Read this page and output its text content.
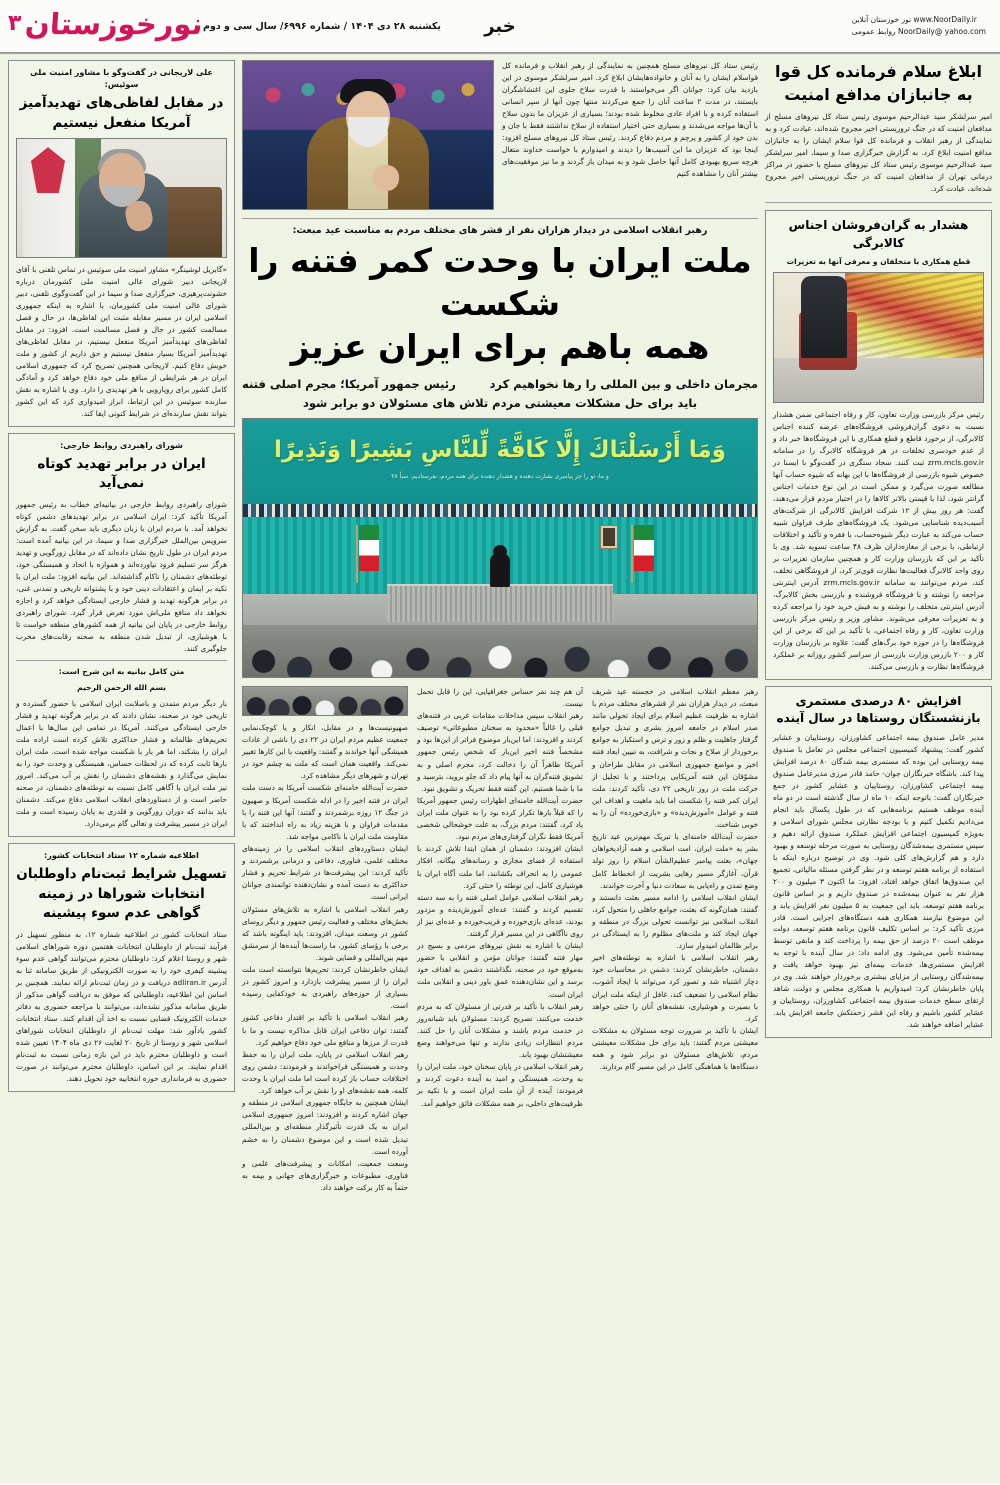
یکشنبه ۲۸ دی ۱۴۰۴ / شماره ۶۹۹۶/ سال سی و دوم
نورخوزستان
۳	خبر	نور خوزستان آنلاین www.NoorDaily.ir
روابط عمومی NoorDaily@ yahoo.com
علی لاریجانی در گفت‌وگو با مشاور امنیت ملی سوئیس:
در مقابل لفاظی‌های تهدیدآمیز آمریکا منفعل نیستیم
«گابریل لوشینگر» مشاور امنیت ملی سوئیس در تماس تلفنی با آقای لاریجانی دبیر شورای عالی امنیت ملی کشورمان درباره خشونت‌پرهیزی، خبرگزاری صدا و سیما در این گفت‌وگوی تلفنی، دبیر شورای عالی امنیت ملی کشورمان، با اشاره به اینکه جمهوری اسلامی ایران در مسیر مقابله مثبت این لفاظی‌ها، در حال و فصل مسالمت کشور در حال و فصل مسالمت است. افزود: در مقابل لفاظی‌های تهدیدآمیز آمریکا منفعل نیستیم، در مقابل لفاظی‌های تهدیدآمیز آمریکا بسیار منفعل نیستیم و حق داریم از کشور و ملت خویش دفاع کنیم. لاریجانی همچنین تصریح کرد که جمهوری اسلامی ایران در هر شرایطی از منافع ملی خود دفاع خواهد کرد و آمادگی کامل کشور برای رویارویی با هر تهدیدی را دارد. وی با اشاره به نقش سازنده سوئیس در این ارتباط، ابراز امیدواری کرد که این کشور بتواند نقش سازنده‌ای در شرایط کنونی ایفا کند.
شورای راهبردی روابط خارجی:
ایران در برابر تهدید کوتاه نمی‌آید
شورای راهبردی روابط خارجی در بیانیه‌ای خطاب به رئیس جمهور آمریکا تأکید کرد: ایران اسلامی در برابر تهدیدهای دشمن کوتاه نخواهد آمد. با مردم ایران با زبان دیگری باید سخن گفت. به گزارش سرویس بین‌الملل خبرگزاری صدا و سیما، در این بیانیه آمده است: مردم ایران در طول تاریخ نشان داده‌اند که در مقابل زورگویی و تهدید هرگز سر تسلیم فرود نیاورده‌اند و همواره با اتحاد و همبستگی خود، توطئه‌های دشمنان را ناکام گذاشته‌اند. این بیانیه افزود: ملت ایران با تکیه بر ایمان و اعتقادات دینی خود و با پشتوانه تاریخی و تمدنی غنی، در برابر هرگونه تهدید و فشار خارجی ایستادگی خواهد کرد و اجازه نخواهد داد منافع ملی‌اش مورد تعرض قرار گیرد. شورای راهبردی روابط خارجی در پایان این بیانیه از همه کشورهای منطقه خواست تا با هوشیاری، از تبدیل شدن منطقه به صحنه رقابت‌های مخرب جلوگیری کنند.
متن کامل بیانیه به این شرح است:
بسم الله الرحمن الرحیم
بار دیگر مردم متمدن و باصلابت ایران اسلامی با حضور گسترده و تاریخی خود در صحنه، نشان دادند که در برابر هرگونه تهدید و فشار خارجی ایستادگی می‌کنند. آمریکا در تمامی این سال‌ها با اعمال تحریم‌های ظالمانه و فشار حداکثری تلاش کرده است اراده ملت ایران را بشکند، اما هر بار با شکست مواجه شده است. ملت ایران بارها ثابت کرده که در لحظات حساس، همبستگی و وحدت خود را به نمایش می‌گذارد و نقشه‌های دشمنان را نقش بر آب می‌کند. امروز نیز ملت ایران با آگاهی کامل نسبت به توطئه‌های دشمنان، در صحنه حاضر است و از دستاوردهای انقلاب اسلامی دفاع می‌کند. دشمنان باید بدانند که دوران زورگویی و قلدری به پایان رسیده است و ملت ایران در مسیر پیشرفت و تعالی گام برمی‌دارد.
اطلاعیه شماره ۱۲ ستاد انتخابات کشور:
تسهیل شرایط ثبت‌نام داوطلبان انتخابات شوراها در زمینه گواهی عدم سوء پیشینه
ستاد انتخابات کشور در اطلاعیه شماره ۱۲، به منظور تسهیل در فرآیند ثبت‌نام از داوطلبان انتخابات هفتمین دوره شوراهای اسلامی شهر و روستا اعلام کرد: داوطلبان محترم می‌توانند گواهی عدم سوء پیشینه کیفری خود را به صورت الکترونیکی از طریق سامانه ثنا به آدرس adliran.ir دریافت و در زمان ثبت‌نام ارائه نمایند. همچنین بر اساس این اطلاعیه، داوطلبانی که موفق به دریافت گواهی مذکور از طریق سامانه مذکور نشده‌اند، می‌توانند با مراجعه حضوری به دفاتر خدمات الکترونیک قضایی نسبت به اخذ آن اقدام کنند. ستاد انتخابات کشور یادآور شد: مهلت ثبت‌نام از داوطلبان انتخابات شوراهای اسلامی شهر و روستا از تاریخ ۲۰ لغایت ۲۶ دی ماه ۱۴۰۴ تعیین شده است و داوطلبان محترم باید در این بازه زمانی نسبت به ثبت‌نام اقدام نمایند. بر این اساس، داوطلبان محترم می‌توانند در صورت حضوری به فرمانداری حوزه انتخابیه خود تحویل دهند.
رئیس ستاد کل نیروهای مسلح همچنین به نمایندگی از رهبر انقلاب و فرمانده کل قواسلام ایشان را به آنان و خانواده‌هایشان ابلاغ کرد. امیر سرلشکر موسوی در این بازدید بیان کرد: جوانان اگر می‌خواستند با قدرت سلاح جلوی این اغتشاشگران بایستند، در مدت ۲ ساعت آنان را جمع می‌کردند منتها چون آنها از سپر انسانی استفاده کرده و با افراد عادی مخلوط شده بودند؛ بسیاری از عزیزان ما بدون سلاح با آن‌ها مواجه می‌شدند و بسیاری حتی اختیار استفاده از سلاح نداشتند فقط با جان و بدن خود از کشور و پرچم و مردم دفاع کردند. رئیس ستاد کل نیروهای مسلح افزود: اینجا بود که عزیزان ما این آسیب‌ها را دیدند و امیدوارم با خواست خداوند متعال هرچه سریع بهبودی کامل آنها حاصل شود و به میدان باز گردند و ما نیز موفقیت‌های بیشتر آنان را مشاهده کنیم
رهبر انقلاب اسلامی در دیدار هزاران نفر از قشر های مختلف مردم به مناسبت عید مبعث:
ملت ایران با وحدت کمر فتنه را شکست
همه باهم برای ایران عزیز
مجرمان داخلی و بین المللی را رها نخواهیم کرد
رئیس جمهور آمریکا؛ مجرم اصلی فتنه
باید برای حل مشکلات معیشتی مردم تلاش های مسئولان دو برابر شود
وَمَا أَرْسَلْنَاكَ إِلَّا كَافَّةً لِّلنَّاسِ بَشِيرًا وَنَذِيرًا
و ما، تو را جز پیامبری بشارت دهنده و هشدار دهنده برای همه مردم، نفرستادیم. سبأ ۲۸
صهیونیست‌ها و در مقابل، انکار و یا کوچک‌نمایی جمعیت عظیم مردم ایران در ۲۲ دی را ناشی از عادات همیشگی آنها خواندند و گفتند: واقعیت با این کارها تغییر نمی‌کند. واقعیت همان است که ملت به چشم خود در تهران و شهرهای دیگر مشاهده کرد.
حضرت آیت‌الله خامنه‌ای شکست آمریکا به دست ملت ایران در فتنه اخیر را در ادله شکست آمریکا و صهیون در جنگ ۱۲ روزه برشمردند و گفتند: آنها این فتنه را با مقدمات فراوان و با هزینه زیاد به راه انداختند که با مقاومت ملت ایران با ناکامی مواجه شد.
ایشان دستاوردهای انقلاب اسلامی را در زمینه‌های مختلف علمی، فناوری، دفاعی و درمانی برشمردند و تأکید کردند: این پیشرفت‌ها در شرایط تحریم و فشار حداکثری به دست آمده و نشان‌دهنده توانمندی جوانان ایرانی است.
رهبر انقلاب اسلامی با اشاره به تلاش‌های مسئولان بخش‌های مختلف و فعالیت رئیس جمهور و دیگر روسای کشور در وسعت میدان، افزودند: باید اینگونه باشد که برخی با رؤسای کشور، ما راست‌ها آینده‌ها از سرمشق مهم بین‌المللی و قضایی شوند.
ایشان خاطرنشان کردند: تحریم‌ها نتوانسته است ملت ایران را از مسیر پیشرفت بازدارد و امروز کشور در بسیاری از حوزه‌های راهبردی به خودکفایی رسیده است.
رهبر انقلاب اسلامی با تأکید بر اقتدار دفاعی کشور گفتند: توان دفاعی ایران قابل مذاکره نیست و ما با قدرت از مرزها و منافع ملی خود دفاع خواهیم کرد.
رهبر انقلاب اسلامی در پایان، ملت ایران را به حفظ وحدت و همبستگی فراخواندند و فرمودند: دشمن روی اختلافات حساب باز کرده است اما ملت ایران با وحدت کلمه، همه نقشه‌های او را نقش بر آب خواهد کرد.
ایشان همچنین به جایگاه جمهوری اسلامی در منطقه و جهان اشاره کردند و افزودند: امروز جمهوری اسلامی ایران به یک قدرت تأثیرگذار منطقه‌ای و بین‌المللی تبدیل شده است و این موضوع دشمنان را به خشم آورده است.
وسعت جمعیت، امکانات و پیشرفت‌های علمی و فناوری، مطبوعات و خبرگزاری‌های جهانی و بیمه به حتماً به کار برکت خواهند داد.
آن هم چند نفر حساس جغرافیایی، این را قابل تحمل نیست.
رهبر انقلاب سپس مداخلات مقامات غربی در فتنه‌های قبلی را غالباً «محدود به سخنان مطبوعاتی» توصیف کردند و افزودند: اما این‌بار موضوع فراتر از این‌ها بود و مشخصاً فتنه اخیر این‌بار که شخص رئیس جمهور آمریکا ظاهراً آن را دخالت کرد، مجرم اصلی و به تشویق فتنه‌گران به آنها پیام داد که جلو بروید، بترسید و ما با شما هستیم. این گفته فقط تحریک و تشویق نبود.
حضرت آیت‌الله خامنه‌ای اظهارات رئیس جمهور آمریکا را که قبلاً بارها تکرار کرده بود را به عنوان ملت ایران یاد کرد، گفتند: مردم بزرگ، به علت خوشحالی شخصی آمریکا فقط نگران گرفتاری‌های مردم نبود.
ایشان افزودند: دشمنان از همان ابتدا تلاش کردند با استفاده از فضای مجازی و رسانه‌های بیگانه، افکار عمومی را به انحراف بکشانند، اما ملت آگاه ایران با هوشیاری کامل، این توطئه را خنثی کرد.
رهبر انقلاب اسلامی عوامل اصلی فتنه را به سه دسته تقسیم کردند و گفتند: عده‌ای آموزش‌دیده و مزدور بودند، عده‌ای بازی‌خورده و فریب‌خورده و عده‌ای نیز از روی ناآگاهی در این مسیر قرار گرفتند.
ایشان با اشاره به نقش نیروهای مردمی و بسیج در مهار فتنه گفتند: جوانان مؤمن و انقلابی با حضور به‌موقع خود در صحنه، نگذاشتند دشمن به اهداف خود برسد و این نشان‌دهنده عمق باور دینی و انقلابی ملت ایران است.
رهبر انقلاب با تأکید بر قدرتی از مسئولان که به مردم خدمت می‌کنند، تصریح کردند: مسئولان باید شبانه‌روز در خدمت مردم باشند و مشکلات آنان را حل کنند. مردم انتظارات زیادی ندارند و تنها می‌خواهند وضع معیشتشان بهبود یابد.
رهبر انقلاب اسلامی در پایان سخنان خود، ملت ایران را به وحدت، همبستگی و امید به آینده دعوت کردند و فرمودند: آینده از آنِ ملت ایران است و با تکیه بر ظرفیت‌های داخلی، بر همه مشکلات فائق خواهیم آمد.
رهبر معظم انقلاب اسلامی در خجسته عید شریف مبعث، در دیدار هزاران نفر از قشرهای مختلف مردم با اشاره به ظرفیت عظیم اسلام برای ایجاد تحولی مانند صدر اسلام در جامعه امروز بشری و تبدیل جوامع گرفتار جاهلیت و ظلم و زور و ترس و استکبار به جوامع برخوردار از صلاح و نجات و شرافت، به تبیین ابعاد فتنه اخیر و مواضع جمهوری اسلامی در مقابل طراحان و مشوّقان این فتنه آمریکایی پرداختند و با تجلیل از حرکت ملت در روز تاریخی ۲۲ دی، تأکید کردند: ملت ایران کمر فتنه را شکست اما باید ماهیت و اهداف این فتنه و عوامل «آموزش‌دیده» و «بازی‌خورده» آن را به خوبی شناخت.
حضرت آیت‌الله خامنه‌ای با تبریک مهم‌ترین عید تاریخ بشر به «ملت ایران، امت اسلامی و همه آزادیخواهان جهان»، بعثت پیامبر عظیم‌الشأن اسلام را روز تولد قرآن، آغازگر مسیر رهایی بشریت از انحطاط کامل وضع تمدن و راه‌یابی به سعادت دنیا و آخرت خواندند.
ایشان انقلاب اسلامی را ادامه مسیر بعثت دانستند و گفتند: همان‌گونه که بعثت، جوامع جاهلی را متحول کرد، انقلاب اسلامی نیز توانست تحولی بزرگ در منطقه و جهان ایجاد کند و ملت‌های مظلوم را به ایستادگی در برابر ظالمان امیدوار سازد.
رهبر انقلاب اسلامی با اشاره به توطئه‌های اخیر دشمنان، خاطرنشان کردند: دشمن در محاسبات خود دچار اشتباه شد و تصور کرد می‌تواند با ایجاد آشوب، نظام اسلامی را تضعیف کند، غافل از اینکه ملت ایران با بصیرت و هوشیاری، نقشه‌های آنان را خنثی خواهد کرد.
ایشان با تأکید بر ضرورت توجه مسئولان به مشکلات معیشتی مردم گفتند: باید برای حل مشکلات معیشتی مردم، تلاش‌های مسئولان دو برابر شود و همه دستگاه‌ها با هماهنگی کامل در این مسیر گام بردارند.
ابلاغ سلام فرمانده کل قوا به جانبازان مدافع امنیت
امیر سرلشکر سید عبدالرحیم موسوی رئیس ستاد کل نیروهای مسلح از مدافعان امنیت که در جنگ تروریستی اخیر مجروح شده‌اند، عیادت کرد و به نمایندگی از رهبر انقلاب و فرمانده کل قوا سلام ایشان را به جانبازان مدافع امنیت ابلاغ کرد. به گزارش خبرگزاری صدا و سیما، امیر سرلشکر سید عبدالرحیم موسوی رئیس ستاد کل نیروهای مسلح با حضور در مراکز درمانی تهران از مدافعان امنیت که در جنگ تروریستی اخیر مجروح شده‌اند، عیادت کرد.
هشدار به گران‌فروشان اجناس کالابرگی
قطع همکاری با متخلفان و معرفی آنها به تعزیرات
رئیس مرکز بازرسی وزارت تعاون، کار و رفاه اجتماعی ضمن هشدار نسبت به دعوی گران‌فروشی فروشگاه‌های عرضه کننده اجناس کالابرگی، از برخورد قاطع و قطع همکاری با این فروشگاه‌ها خبر داد و از عدم خودسری تخلفات در هر فروشگاه کالابرگ را در سامانه zrm.mcls.gov.ir ثبت کنند. سجاد سنگری در گفت‌وگو با ایسنا در خصوص شیوه بازرسی از فروشگاه‌ها با این بهانه که شیوه حساب آنها مطالعه صورت می‌گیرد و ممکن است در این نوع خدمات اجناس گرانتر شود، لذا با قیمتی بالاتر کالاها را در اختیار مردم قرار می‌دهند، گفت: هر روز بیش از ۱۲ شرکت افزایش کالابرگی از شرکت‌های آسیب‌دیده شناسایی می‌شود. یک فروشگاه‌های طرف فراوان شبیه حساب می‌کند به عبارت دیگر شیوه‌حساب، با فقره و تأکید و اختلافات ارتباطی، با برخی از مغازه‌داران ظرف ۴۸ ساعت تسویه شد. وی با تأکید بر این که بازرسان وزارت کار و همچنین سازمان تعزیرات بر روی واحد کالابرگ فعالیت‌ها نظارت قوی‌تر کرد، از فروشگاهی تخلف، کند، مردم می‌توانند به سامانه zrm.mcls.gov.ir آدرس اینترنتی مراجعه را نوشته و با فروشگاه فروشنده و بازرسی بخش کالابرگ، آدرس اینترنتی متخلف را نوشته و به فیش خرید خود را مراجعه کرده و به تعزیرات معرفی می‌شوند. مشاور وزیر و رئیس مرکز بازرسی وزارت تعاون، کار و رفاه اجتماعی، با تأکید بر این که برخی از این فروشگاه‌ها را در حوزه خود برگ‌های گفت: علاوه بر بازرسان وزارت کار و ۲۰۰ بازرس وزارت بازرسی از سراسر کشور روزانه بر عملکرد فروشگاه‌ها نظارت و بازرسی می‌کنند.
افزایش ۸۰ درصدی مستمری بازنشستگان روستاها در سال آینده
مدیر عامل صندوق بیمه اجتماعی کشاورزان، روستاییان و عشایر کشور گفت: پیشنهاد کمیسیون اجتماعی مجلس در تعامل با صندوق بیمه روستایی این بوده که مستمری بیمه شدگان ۸۰ درصد افزایش پیدا کند. باشگاه خبرنگاران جوان- حامد قادر مرزی مدیرعامل صندوق بیمه اجتماعی کشاورزان، روستاییان و عشایر کشور در جمع خبرنگاران گفت: باتوجه اینکه ۱۰ ماه از سال گذشته است در دو ماه آینده موظف هستیم برنامه‌هایی که در طول یکسال باید انجام می‌دادیم تکمیل کنیم و با بودجه نظارتی مجلس شورای اسلامی و به‌ویژه کمیسیون اجتماعی افزایش عملکرد صندوق ارائه دهیم و سپس مستمری بیمه‌شدگان روستایی به صورت مرحله توسعه و بهبود دارد و هم گزارش‌های کلی شود. وی در توضیح درباره اینکه با استفاده از برنامه هفتم توسعه و در نظر گرفتن مسئله مالیاتی، تجمیع این صندوق‌ها اتفاق خواهد افتاد، افزود: ما اکنون ۳ میلیون و ۲۰۰ هزار نفر به عنوان بیمه‌شده در صندوق داریم و بر اساس قانون برنامه هفتم توسعه، باید این جمعیت به ۵ میلیون نفر افزایش یابد و این موضوع نیازمند همکاری همه دستگاه‌های اجرایی است. قادر مرزی تأکید کرد: بر اساس تکلیف قانون برنامه هفتم توسعه، دولت موظف است ۲۰ درصد از حق بیمه را پرداخت کند و مابقی توسط بیمه‌شده تأمین می‌شود. وی ادامه داد: در سال آینده با توجه به افزایش مستمری‌ها، خدمات بیمه‌ای نیز بهبود خواهد یافت و بیمه‌شدگان روستایی از مزایای بیشتری برخوردار خواهند شد. وی در پایان خاطرنشان کرد: امیدواریم با همکاری مجلس و دولت، شاهد ارتقای سطح خدمات صندوق بیمه اجتماعی کشاورزان، روستاییان و عشایر کشور باشیم و رفاه این قشر زحمتکش جامعه افزایش یابد. عشایر اضافه خواهند شد.
